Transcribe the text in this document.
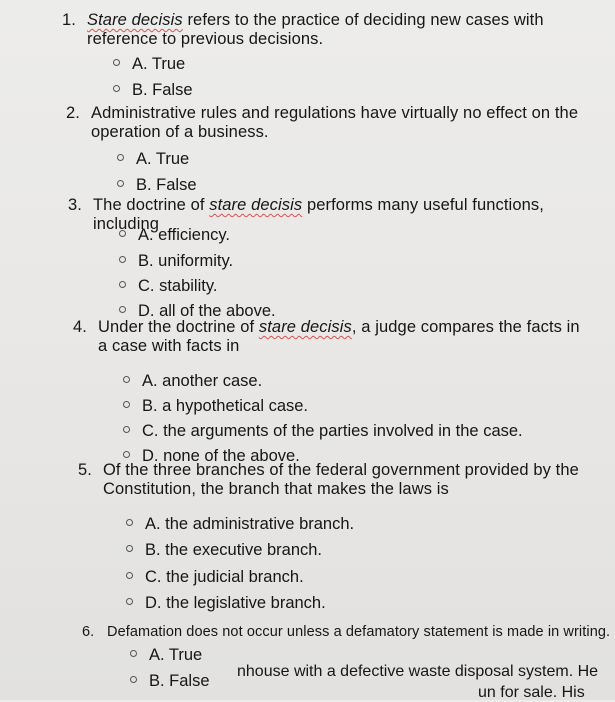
1. Stare decisis refers to the practice of deciding new cases with reference to previous decisions.
A. True
B. False
2. Administrative rules and regulations have virtually no effect on the operation of a business.
A. True
B. False
3. The doctrine of stare decisis performs many useful functions, including
A. efficiency.
B. uniformity.
C. stability.
D. all of the above.
4. Under the doctrine of stare decisis, a judge compares the facts in a case with facts in
A. another case.
B. a hypothetical case.
C. the arguments of the parties involved in the case.
D. none of the above.
5. Of the three branches of the federal government provided by the Constitution, the branch that makes the laws is
A. the administrative branch.
B. the executive branch.
C. the judicial branch.
D. the legislative branch.
6. Defamation does not occur unless a defamatory statement is made in writing.
A. True
B. False
nhouse with a defective waste disposal system. He
un for sale. His
